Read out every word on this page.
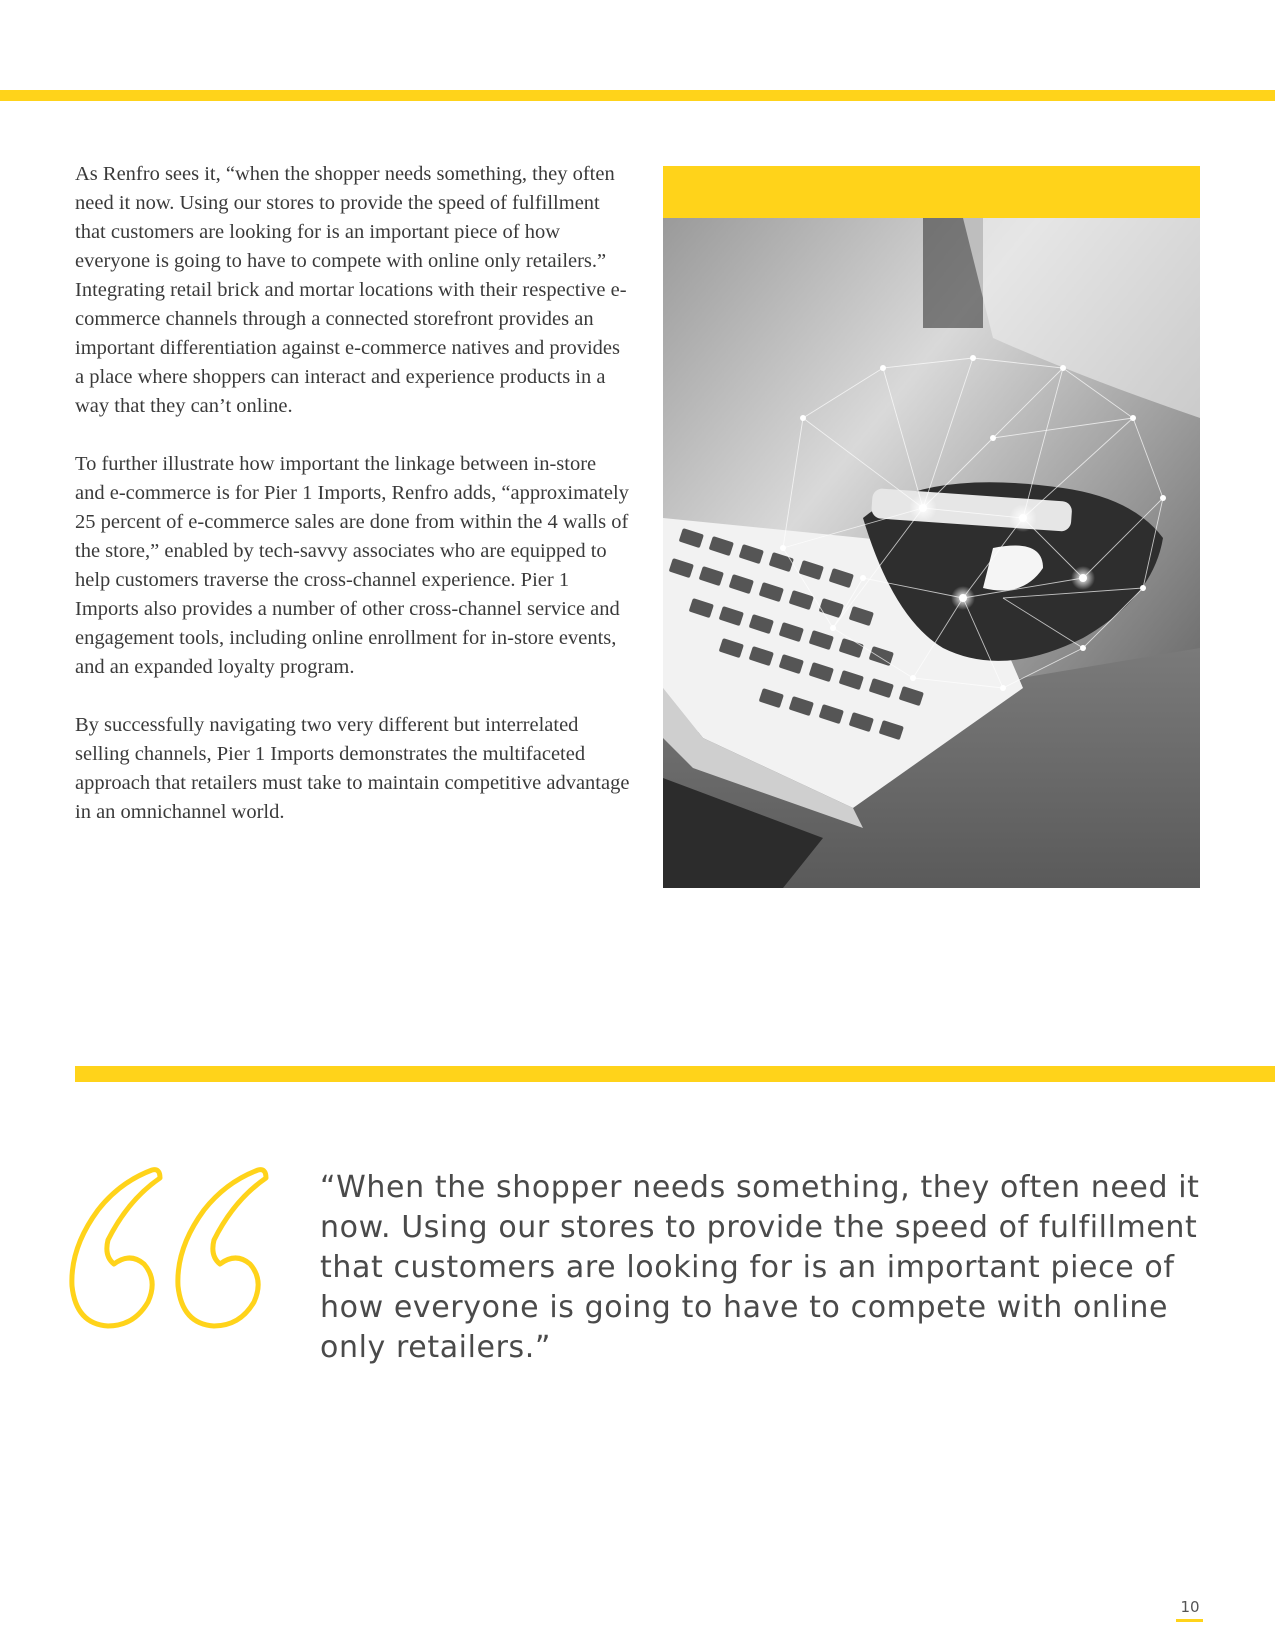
As Renfro sees it, “when the shopper needs something, they often need it now. Using our stores to provide the speed of fulfillment that customers are looking for is an important piece of how everyone is going to have to compete with online only retailers.” Integrating retail brick and mortar locations with their respective e-commerce channels through a connected storefront provides an important differentiation against e-commerce natives and provides a place where shoppers can interact and experience products in a way that they can’t online.

To further illustrate how important the linkage between in-store and e-commerce is for Pier 1 Imports, Renfro adds, “approximately 25 percent of e-commerce sales are done from within the 4 walls of the store,” enabled by tech-savvy associates who are equipped to help customers traverse the cross-channel experience. Pier 1 Imports also provides a number of other cross-channel service and engagement tools, including online enrollment for in-store events, and an expanded loyalty program.

By successfully navigating two very different but interrelated selling channels, Pier 1 Imports demonstrates the multifaceted approach that retailers must take to maintain competitive advantage in an omnichannel world.

“When the shopper needs something, they often need it now. Using our stores to provide the speed of fulfillment that customers are looking for is an important piece of how everyone is going to have to compete with online only retailers.”

10
